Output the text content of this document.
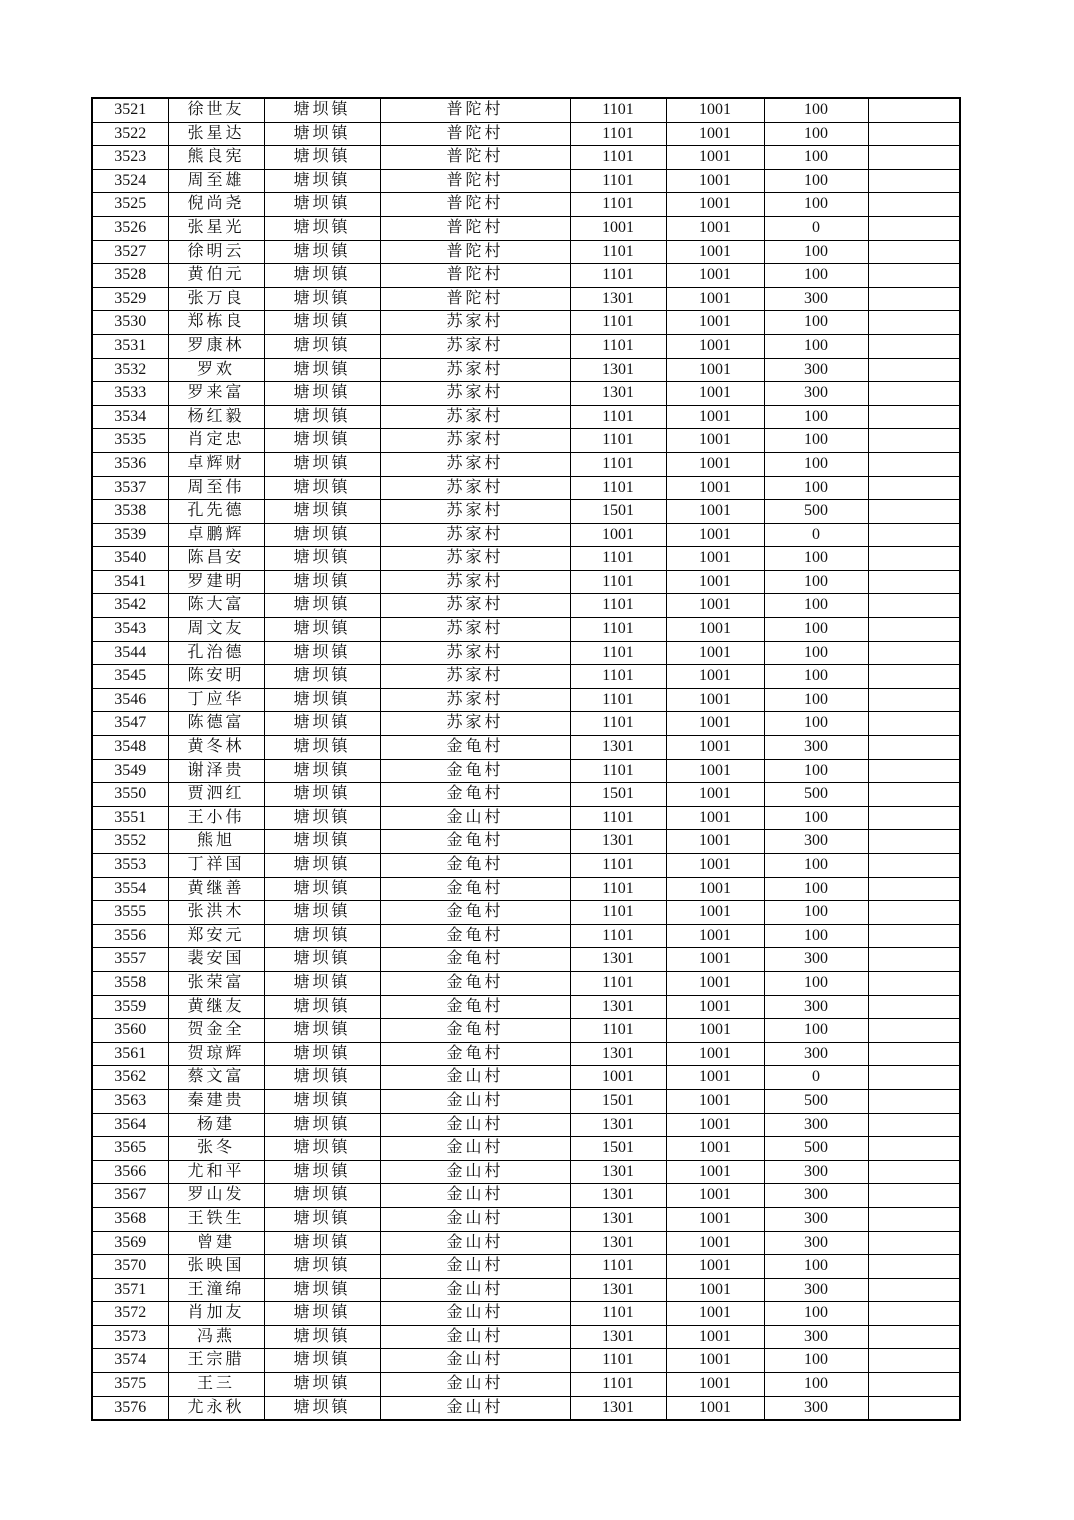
3521	徐世友	塘坝镇	普陀村	1101	1001	100	
3522	张星达	塘坝镇	普陀村	1101	1001	100	
3523	熊良宪	塘坝镇	普陀村	1101	1001	100	
3524	周至雄	塘坝镇	普陀村	1101	1001	100	
3525	倪尚尧	塘坝镇	普陀村	1101	1001	100	
3526	张星光	塘坝镇	普陀村	1001	1001	0	
3527	徐明云	塘坝镇	普陀村	1101	1001	100	
3528	黄伯元	塘坝镇	普陀村	1101	1001	100	
3529	张万良	塘坝镇	普陀村	1301	1001	300	
3530	郑栋良	塘坝镇	苏家村	1101	1001	100	
3531	罗康林	塘坝镇	苏家村	1101	1001	100	
3532	罗欢	塘坝镇	苏家村	1301	1001	300	
3533	罗来富	塘坝镇	苏家村	1301	1001	300	
3534	杨红毅	塘坝镇	苏家村	1101	1001	100	
3535	肖定忠	塘坝镇	苏家村	1101	1001	100	
3536	卓辉财	塘坝镇	苏家村	1101	1001	100	
3537	周至伟	塘坝镇	苏家村	1101	1001	100	
3538	孔先德	塘坝镇	苏家村	1501	1001	500	
3539	卓鹏辉	塘坝镇	苏家村	1001	1001	0	
3540	陈昌安	塘坝镇	苏家村	1101	1001	100	
3541	罗建明	塘坝镇	苏家村	1101	1001	100	
3542	陈大富	塘坝镇	苏家村	1101	1001	100	
3543	周文友	塘坝镇	苏家村	1101	1001	100	
3544	孔治德	塘坝镇	苏家村	1101	1001	100	
3545	陈安明	塘坝镇	苏家村	1101	1001	100	
3546	丁应华	塘坝镇	苏家村	1101	1001	100	
3547	陈德富	塘坝镇	苏家村	1101	1001	100	
3548	黄冬林	塘坝镇	金龟村	1301	1001	300	
3549	谢泽贵	塘坝镇	金龟村	1101	1001	100	
3550	贾泗红	塘坝镇	金龟村	1501	1001	500	
3551	王小伟	塘坝镇	金山村	1101	1001	100	
3552	熊旭	塘坝镇	金龟村	1301	1001	300	
3553	丁祥国	塘坝镇	金龟村	1101	1001	100	
3554	黄继善	塘坝镇	金龟村	1101	1001	100	
3555	张洪木	塘坝镇	金龟村	1101	1001	100	
3556	郑安元	塘坝镇	金龟村	1101	1001	100	
3557	裴安国	塘坝镇	金龟村	1301	1001	300	
3558	张荣富	塘坝镇	金龟村	1101	1001	100	
3559	黄继友	塘坝镇	金龟村	1301	1001	300	
3560	贺金全	塘坝镇	金龟村	1101	1001	100	
3561	贺琼辉	塘坝镇	金龟村	1301	1001	300	
3562	蔡文富	塘坝镇	金山村	1001	1001	0	
3563	秦建贵	塘坝镇	金山村	1501	1001	500	
3564	杨建	塘坝镇	金山村	1301	1001	300	
3565	张冬	塘坝镇	金山村	1501	1001	500	
3566	尤和平	塘坝镇	金山村	1301	1001	300	
3567	罗山发	塘坝镇	金山村	1301	1001	300	
3568	王铁生	塘坝镇	金山村	1301	1001	300	
3569	曾建	塘坝镇	金山村	1301	1001	300	
3570	张映国	塘坝镇	金山村	1101	1001	100	
3571	王潼绵	塘坝镇	金山村	1301	1001	300	
3572	肖加友	塘坝镇	金山村	1101	1001	100	
3573	冯燕	塘坝镇	金山村	1301	1001	300	
3574	王宗腊	塘坝镇	金山村	1101	1001	100	
3575	王三	塘坝镇	金山村	1101	1001	100	
3576	尤永秋	塘坝镇	金山村	1301	1001	300	
